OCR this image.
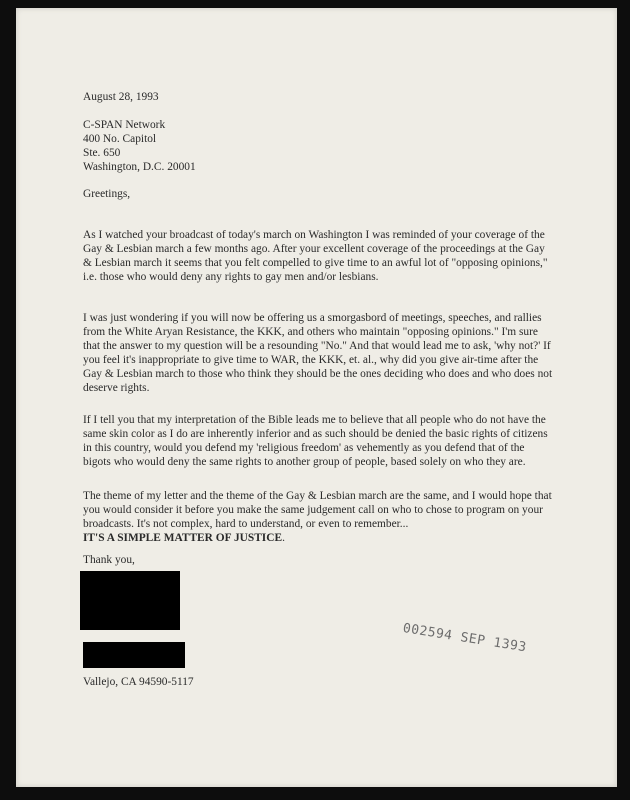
August 28, 1993

C-SPAN Network
400 No. Capitol
Ste. 650
Washington, D.C. 20001

Greetings,

As I watched your broadcast of today's march on Washington I was reminded of your coverage of the Gay & Lesbian march a few months ago. After your excellent coverage of the proceedings at the Gay & Lesbian march it seems that you felt compelled to give time to an awful lot of "opposing opinions," i.e. those who would deny any rights to gay men and/or lesbians.

I was just wondering if you will now be offering us a smorgasbord of meetings, speeches, and rallies from the White Aryan Resistance, the KKK, and others who maintain "opposing opinions." I'm sure that the answer to my question will be a resounding "No." And that would lead me to ask, 'why not?' If you feel it's inappropriate to give time to WAR, the KKK, et. al., why did you give air-time after the Gay & Lesbian march to those who think they should be the ones deciding who does and who does not deserve rights.

If I tell you that my interpretation of the Bible leads me to believe that all people who do not have the same skin color as I do are inherently inferior and as such should be denied the basic rights of citizens in this country, would you defend my 'religious freedom' as vehemently as you defend that of the bigots who would deny the same rights to another group of people, based solely on who they are.

The theme of my letter and the theme of the Gay & Lesbian march are the same, and I would hope that you would consider it before you make the same judgement call on who to chose to program on your broadcasts. It's not complex, hard to understand, or even to remember...
IT'S A SIMPLE MATTER OF JUSTICE.

Thank you,

Vallejo, CA 94590-5117

002594 SEP 1393
